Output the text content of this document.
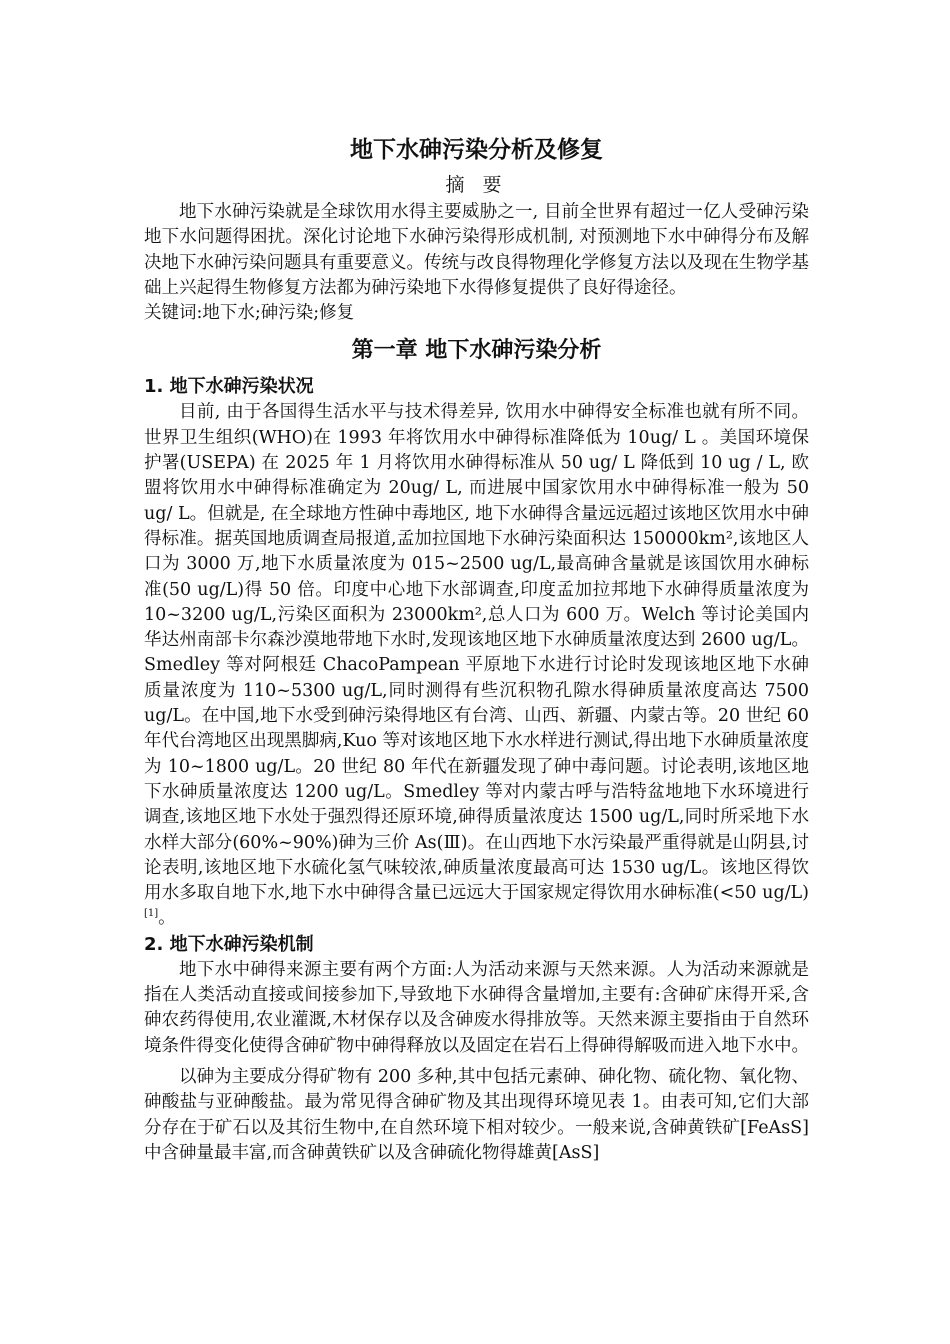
地下水砷污染分析及修复
摘 要

地下水砷污染就是全球饮用水得主要威胁之一, 目前全世界有超过一亿人受砷污染地下水问题得困扰。深化讨论地下水砷污染得形成机制, 对预测地下水中砷得分布及解决地下水砷污染问题具有重要意义。传统与改良得物理化学修复方法以及现在生物学基础上兴起得生物修复方法都为砷污染地下水得修复提供了良好得途径。

关键词:地下水;砷污染;修复

第一章 地下水砷污染分析
1. 地下水砷污染状况

目前, 由于各国得生活水平与技术得差异, 饮用水中砷得安全标准也就有所不同。世界卫生组织(WHO)在 1993 年将饮用水中砷得标准降低为 10ug/ L 。美国环境保护署(USEPA) 在 2025 年 1 月将饮用水砷得标准从 50 ug/ L 降低到 10 ug / L, 欧盟将饮用水中砷得标准确定为 20ug/ L, 而进展中国家饮用水中砷得标准一般为 50 ug/ L。但就是, 在全球地方性砷中毒地区, 地下水砷得含量远远超过该地区饮用水中砷得标准。据英国地质调查局报道,孟加拉国地下水砷污染面积达 150000km²,该地区人口为 3000 万,地下水质量浓度为 015~2500 ug/L,最高砷含量就是该国饮用水砷标准(50 ug/L)得 50 倍。印度中心地下水部调查,印度孟加拉邦地下水砷得质量浓度为 10~3200 ug/L,污染区面积为 23000km²,总人口为 600 万。Welch 等讨论美国内华达州南部卡尔森沙漠地带地下水时,发现该地区地下水砷质量浓度达到 2600 ug/L。Smedley 等对阿根廷 ChacoPampean 平原地下水进行讨论时发现该地区地下水砷质量浓度为 110~5300 ug/L,同时测得有些沉积物孔隙水得砷质量浓度高达 7500 ug/L。在中国,地下水受到砷污染得地区有台湾、山西、新疆、内蒙古等。20 世纪 60 年代台湾地区出现黑脚病,Kuo 等对该地区地下水水样进行测试,得出地下水砷质量浓度为 10~1800 ug/L。20 世纪 80 年代在新疆发现了砷中毒问题。讨论表明,该地区地下水砷质量浓度达 1200 ug/L。Smedley 等对内蒙古呼与浩特盆地地下水环境进行调查,该地区地下水处于强烈得还原环境,砷得质量浓度达 1500 ug/L,同时所采地下水水样大部分(60%~90%)砷为三价 As(Ⅲ)。在山西地下水污染最严重得就是山阴县,讨论表明,该地区地下水硫化氢气味较浓,砷质量浓度最高可达 1530 ug/L。该地区得饮用水多取自地下水,地下水中砷得含量已远远大于国家规定得饮用水砷标准(<50 ug/L)[1]。

2. 地下水砷污染机制

地下水中砷得来源主要有两个方面:人为活动来源与天然来源。人为活动来源就是指在人类活动直接或间接参加下,导致地下水砷得含量增加,主要有:含砷矿床得开采,含砷农药得使用,农业灌溉,木材保存以及含砷废水得排放等。天然来源主要指由于自然环境条件得变化使得含砷矿物中砷得释放以及固定在岩石上得砷得解吸而进入地下水中。

以砷为主要成分得矿物有 200 多种,其中包括元素砷、砷化物、硫化物、氧化物、砷酸盐与亚砷酸盐。最为常见得含砷矿物及其出现得环境见表 1。由表可知,它们大部分存在于矿石以及其衍生物中,在自然环境下相对较少。一般来说,含砷黄铁矿[FeAsS]中含砷量最丰富,而含砷黄铁矿以及含砷硫化物得雄黄[AsS]
